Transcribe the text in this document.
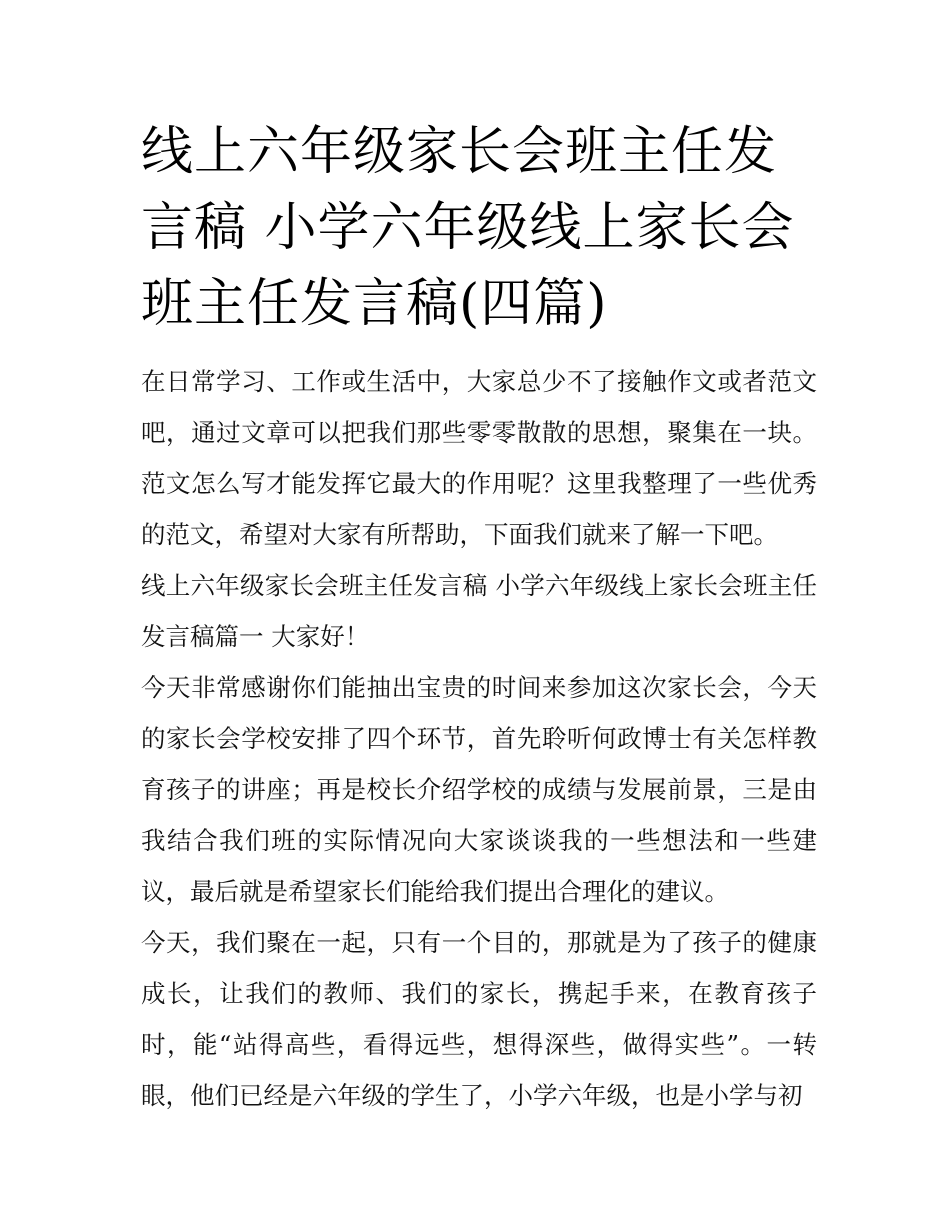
线上六年级家长会班主任发言稿 小学六年级线上家长会班主任发言稿(四篇)

在日常学习、工作或生活中，大家总少不了接触作文或者范文吧，通过文章可以把我们那些零零散散的思想，聚集在一块。范文怎么写才能发挥它最大的作用呢？这里我整理了一些优秀的范文，希望对大家有所帮助，下面我们就来了解一下吧。

线上六年级家长会班主任发言稿 小学六年级线上家长会班主任发言稿篇一 大家好！

今天非常感谢你们能抽出宝贵的时间来参加这次家长会，今天的家长会学校安排了四个环节，首先聆听何政博士有关怎样教育孩子的讲座；再是校长介绍学校的成绩与发展前景，三是由我结合我们班的实际情况向大家谈谈我的一些想法和一些建议，最后就是希望家长们能给我们提出合理化的建议。

今天，我们聚在一起，只有一个目的，那就是为了孩子的健康成长，让我们的教师、我们的家长，携起手来，在教育孩子时，能“站得高些，看得远些，想得深些，做得实些”。一转眼，他们已经是六年级的学生了，小学六年级，也是小学与初
